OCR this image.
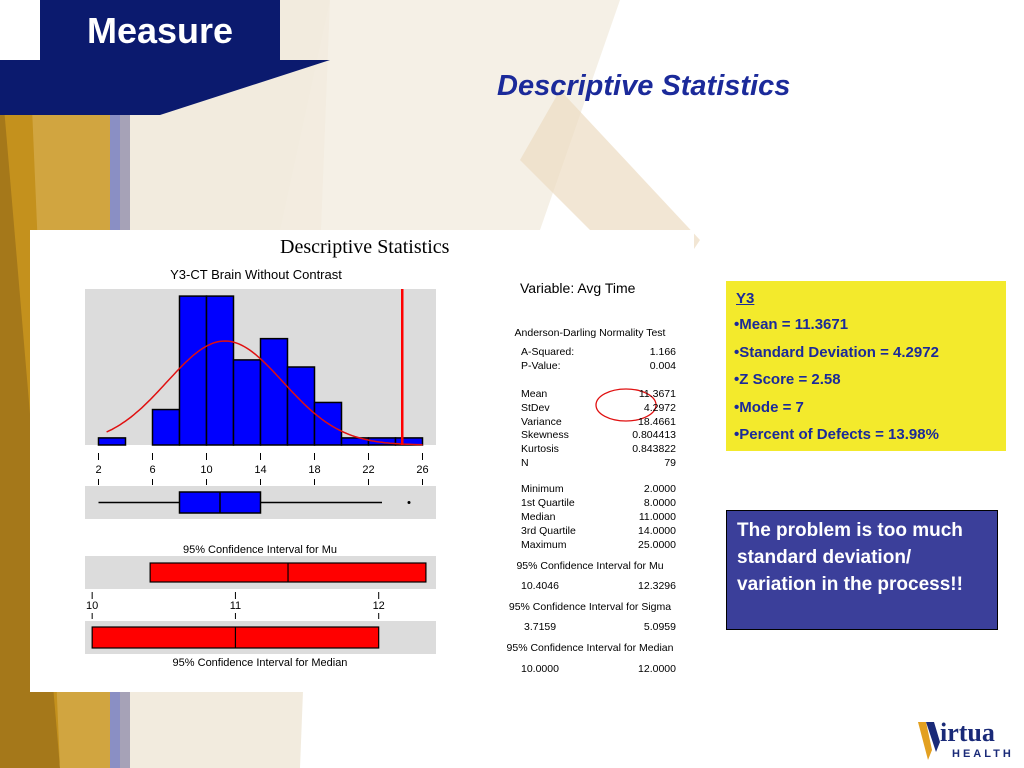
Measure
Descriptive Statistics
Descriptive Statistics
2	6	10	14	18	22	26
Y3-CT Brain Without Contrast
95% Confidence Interval for Mu
10	11	12
95% Confidence Interval for Median
Variable: Avg Time
Anderson-Darling Normality Test
A-Squared:	1.166
P-Value:	0.004
Mean	11.3671
StDev	4.2972
Variance	18.4661
Skewness	0.804413
Kurtosis	0.843822
N	79
Minimum	2.0000
1st Quartile	8.0000
Median	11.0000
3rd Quartile	14.0000
Maximum	25.0000
95% Confidence Interval for Mu
10.4046	12.3296
95% Confidence Interval for Sigma
3.7159	5.0959
95% Confidence Interval for Median
10.0000	12.0000
Y3
•Mean = 11.3671
•Standard Deviation = 4.2972
•Z Score = 2.58
•Mode = 7
•Percent of Defects = 13.98%
The problem is too much standard deviation/ variation in the process!!
irtua
HEALTH
